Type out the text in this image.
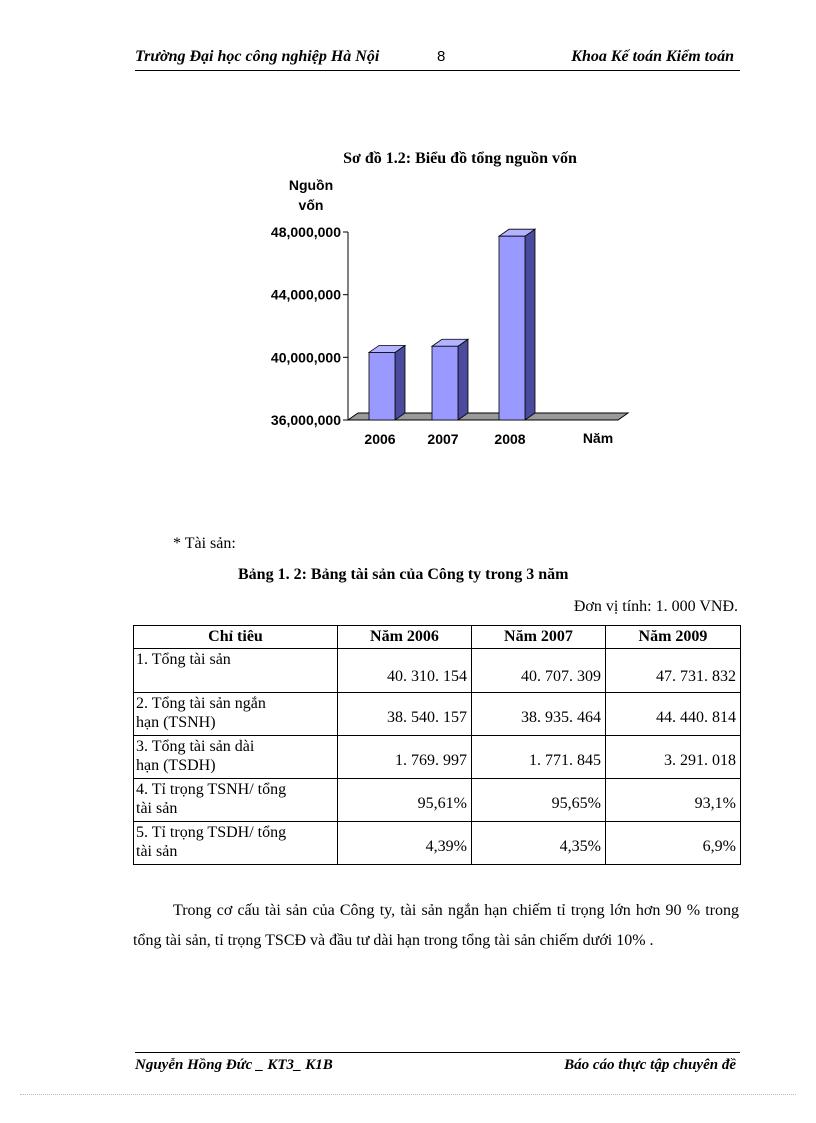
Trường Đại học công nghiệp Hà Nội	8	Khoa Kế toán Kiểm toán
Sơ đồ 1.2: Biểu đồ tổng nguồn vốn
Nguồn
vốn
36,000,000
40,000,000
44,000,000
48,000,000
2006 2007	2008	Năm
* Tài sản:
Bảng 1. 2: Bảng tài sản của Công ty trong 3 năm
Đơn vị tính: 1. 000 VNĐ.
Chỉ tiêu	Năm 2006	Năm 2007	Năm 2009

1. Tổng tài sản	40. 310. 154	40. 707. 309	47. 731. 832

2. Tổng tài sản ngắn
hạn (TSNH)	38. 540. 157	38. 935. 464	44. 440. 814

3. Tổng tài sản dài
hạn (TSDH)	1. 769. 997	1. 771. 845	3. 291. 018

4. Tỉ trọng TSNH/ tổng
tài sản	95,61%	95,65%	93,1%

5. Tỉ trọng TSDH/ tổng
tài sản	4,39%	4,35%	6,9%
Trong cơ cấu tài sản của Công ty, tài sản ngắn hạn chiếm tỉ trọng lớn hơn 90 % trong tổng tài sản, tỉ trọng TSCĐ và đầu tư dài hạn trong tổng tài sản chiếm dưới 10% .
Nguyễn Hồng Đức _ KT3_ K1B	Báo cáo thực tập chuyên đề
